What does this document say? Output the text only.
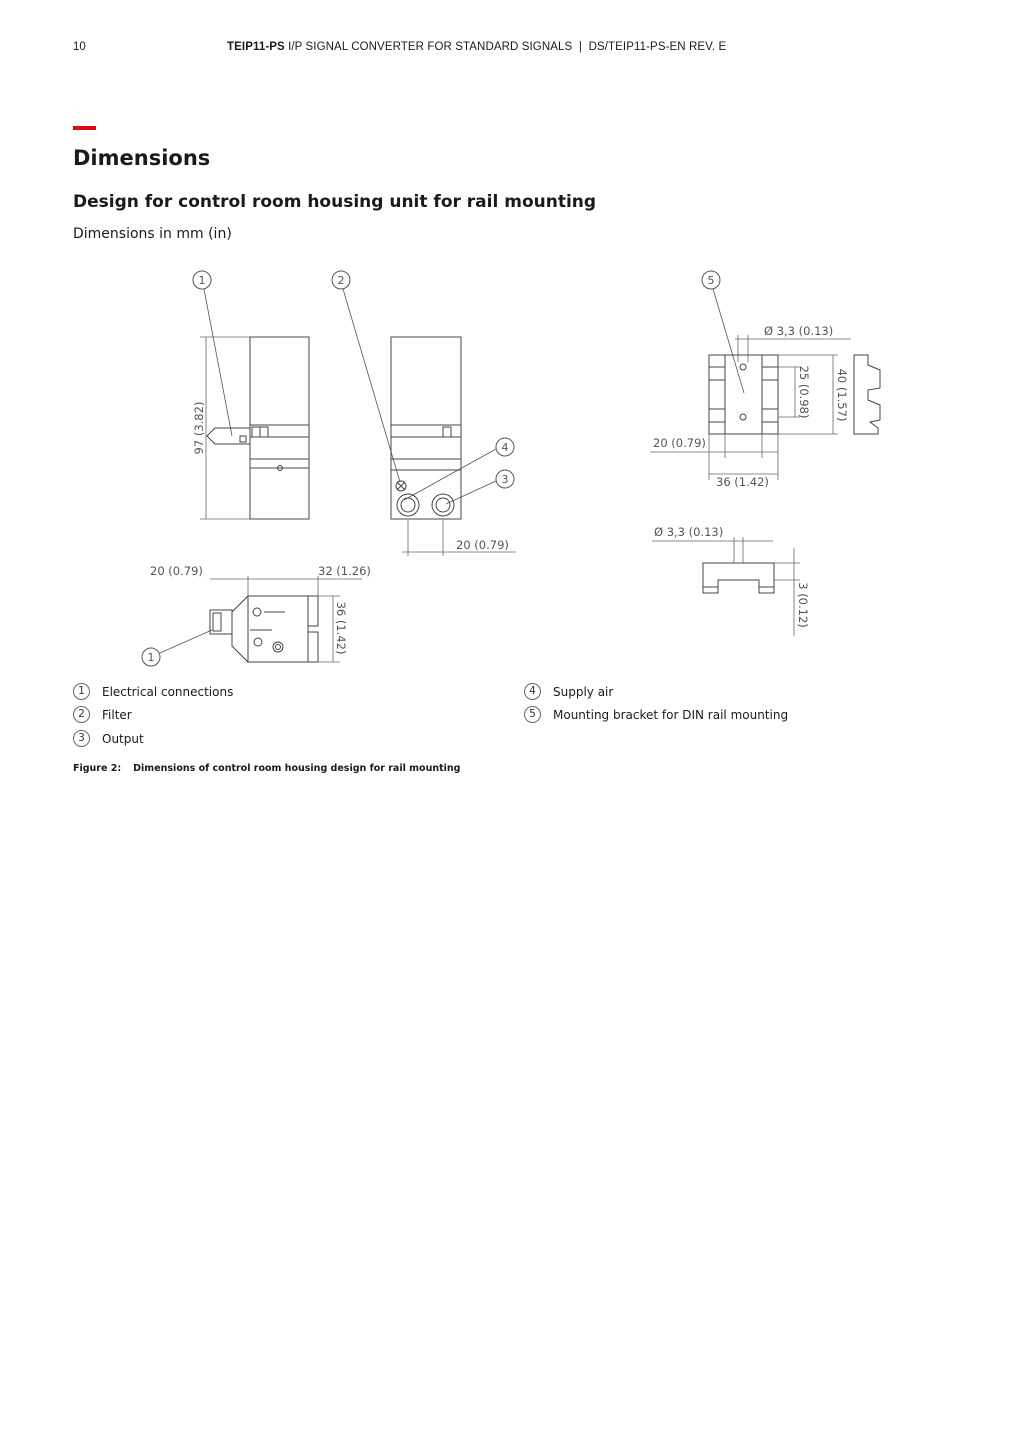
10	TEIP11-PS I/P SIGNAL CONVERTER FOR STANDARD SIGNALS  |  DS/TEIP11-PS-EN REV. E
Dimensions
Design for control room housing unit for rail mounting
Dimensions in mm (in)
1	2	5
4
3
1
97 (3.82)
20 (0.79)
20 (0.79)	32 (1.26)
36 (1.42)
Ø 3,3 (0.13)
25 (0.98) 40 (1.57)
20 (0.79)
36 (1.42)
Ø 3,3 (0.13)
3 (0.12)
1	Electrical connections
2	Filter
3	Output
4	Supply air
5	Mounting bracket for DIN rail mounting
Figure 2: Dimensions of control room housing design for rail mounting
